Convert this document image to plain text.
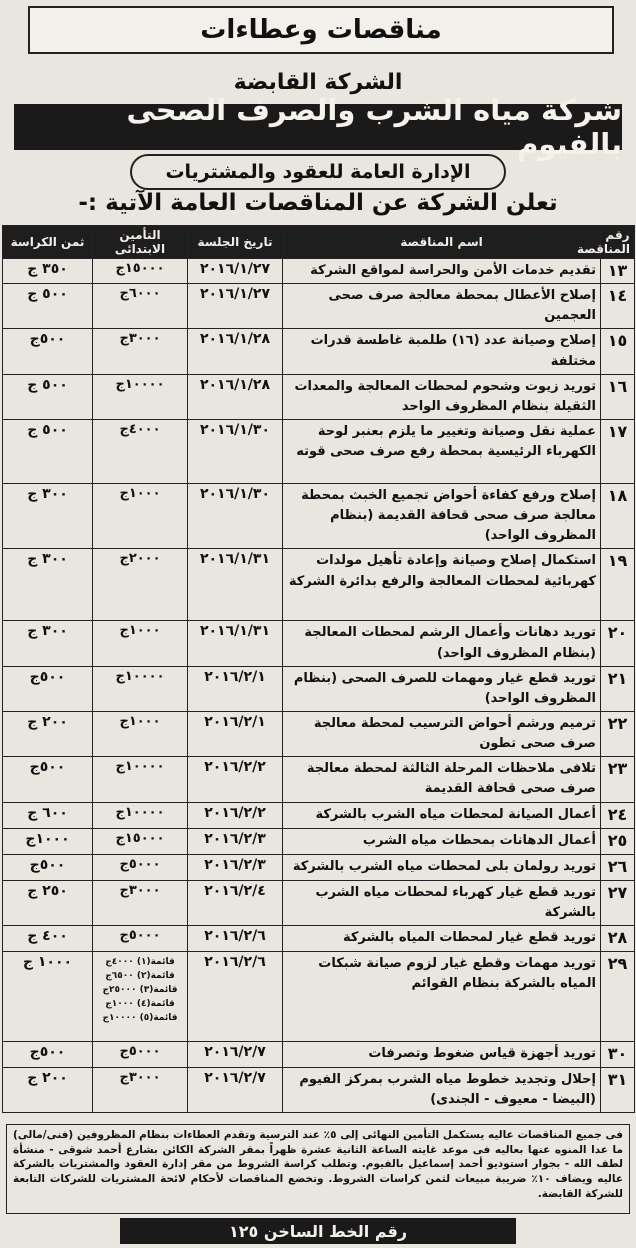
مناقصات وعطاءات
الشركة القابضة
شركة مياه الشرب والصرف الصحى بالفيوم
الإدارة العامة للعقود والمشتريات
تعلن الشركة عن المناقصات العامة الآتية :-
رقم المناقصة	اسم المناقصة	تاريخ الجلسة	التأمين الابتدائى	ثمن الكراسة
١٣	تقديم خدمات الأمن والحراسة لمواقع الشركة	٢٠١٦/١/٢٧	١٥٠٠٠ج	٣٥٠ ج
١٤	إصلاح الأعطال بمحطة معالجة صرف صحى العجمين	٢٠١٦/١/٢٧	٦٠٠٠ج	٥٠٠ ج
١٥	إصلاح وصيانة عدد (١٦) طلمبة غاطسة قدرات مختلفة	٢٠١٦/١/٢٨	٣٠٠٠ج	٥٠٠ج
١٦	توريد زيوت وشحوم لمحطات المعالجة والمعدات الثقيلة بنظام المظروف الواحد	٢٠١٦/١/٢٨	١٠٠٠٠ج	٥٠٠ ج
١٧	عملية نقل وصيانة وتغيير ما يلزم بعنبر لوحة الكهرباء الرئيسية بمحطة رفع صرف صحى قوته	٢٠١٦/١/٣٠	٤٠٠٠ج	٥٠٠ ج
١٨	إصلاح ورفع كفاءة أحواض تجميع الخبث بمحطة معالجة صرف صحى قحافة القديمة (بنظام المظروف الواحد)	٢٠١٦/١/٣٠	١٠٠٠ج	٣٠٠ ج
١٩	استكمال إصلاح وصيانة وإعادة تأهيل مولدات كهربائية لمحطات المعالجة والرفع بدائرة الشركة	٢٠١٦/١/٣١	٢٠٠٠ج	٣٠٠ ج
٢٠	توريد دهانات وأعمال الرشم لمحطات المعالجة (بنظام المظروف الواحد)	٢٠١٦/١/٣١	١٠٠٠ج	٣٠٠ ج
٢١	توريد قطع غيار ومهمات للصرف الصحى (بنظام المظروف الواحد)	٢٠١٦/٢/١	١٠٠٠٠ج	٥٠٠ج
٢٢	ترميم ورشم أحواض الترسيب لمحطة معالجة صرف صحى تطون	٢٠١٦/٢/١	١٠٠٠ج	٢٠٠ ج
٢٣	تلافى ملاحظات المرحلة الثالثة لمحطة معالجة صرف صحى قحافة القديمة	٢٠١٦/٢/٢	١٠٠٠٠ج	٥٠٠ج
٢٤	أعمال الصيانة لمحطات مياه الشرب بالشركة	٢٠١٦/٢/٢	١٠٠٠٠ج	٦٠٠ ج
٢٥	أعمال الدهانات بمحطات مياه الشرب	٢٠١٦/٢/٣	١٥٠٠٠ج	١٠٠٠ج
٢٦	توريد رولمان بلى لمحطات مياه الشرب بالشركة	٢٠١٦/٢/٣	٥٠٠٠ج	٥٠٠ج
٢٧	توريد قطع غيار كهرباء لمحطات مياه الشرب بالشركة	٢٠١٦/٢/٤	٣٠٠٠ج	٢٥٠ ج
٢٨	توريد قطع غيار لمحطات المياه بالشركة	٢٠١٦/٢/٦	٥٠٠٠ج	٤٠٠ ج
٢٩	توريد مهمات وقطع غيار لزوم صيانة شبكات المياه بالشركة بنظام القوائم	٢٠١٦/٢/٦	قائمة(١) ٤٠٠٠ج
قائمة(٢) ٦٥٠٠ج
قائمة(٣) ٢٥٠٠٠ج
قائمة(٤) ١٠٠٠ج
قائمة(٥) ١٠٠٠٠ج	١٠٠٠ ج
٣٠	توريد أجهزة قياس ضغوط وتصرفات	٢٠١٦/٢/٧	٥٠٠٠ج	٥٠٠ج
٣١	إحلال وتجديد خطوط مياه الشرب بمركز الفيوم (البيضا - معيوف - الجندى)	٢٠١٦/٢/٧	٣٠٠٠ج	٢٠٠ ج
فى جميع المناقصات عاليه يستكمل التأمين النهائى إلى ٥٪ عند الترسية وتقدم العطاءات بنظام المظروفين (فنى/مالى) ما عدا المنوه عنها بعاليه فى موعد غايته الساعة الثانية عشرة ظهراً بمقر الشركة الكائن بشارع أحمد شوقى - منشأة لطف الله - بجوار استوديو أحمد إسماعيل بالفيوم. وتطلب كراسة الشروط من مقر إدارة العقود والمشتريات بالشركة عاليه ويضاف ١٠٪ ضريبة مبيعات لثمن كراسات الشروط. وتخضع المناقصات لأحكام لائحة المشتريات للشركات التابعة للشركة القابضة.
رقم الخط الساخن ١٢٥
